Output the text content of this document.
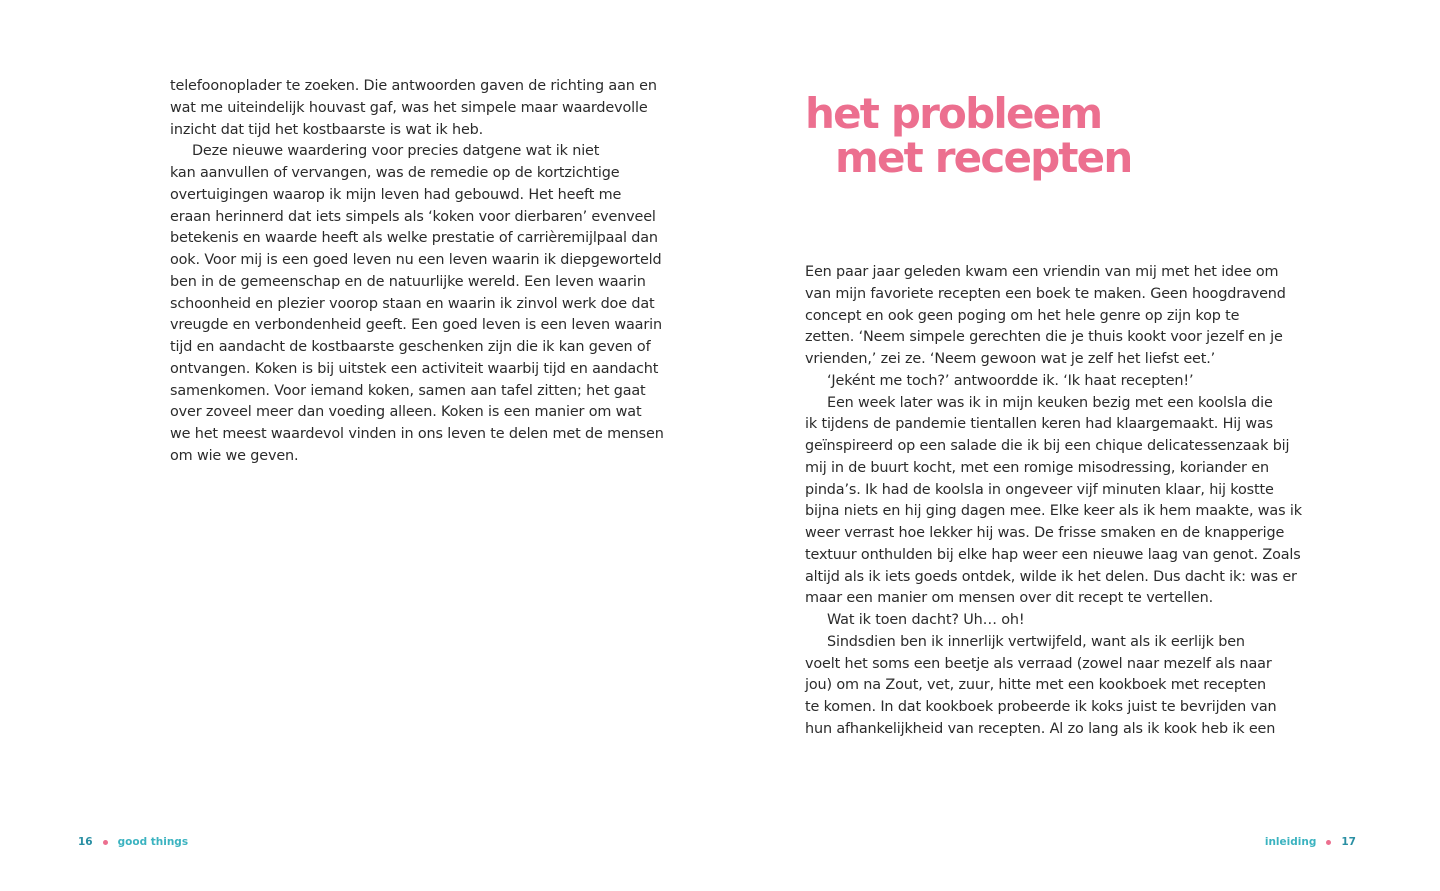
telefoonoplader te zoeken. Die antwoorden gaven de richting aan en
wat me uiteindelijk houvast gaf, was het simpele maar waardevolle
inzicht dat tijd het kostbaarste is wat ik heb.
Deze nieuwe waardering voor precies datgene wat ik niet
kan aanvullen of vervangen, was de remedie op de kortzichtige
overtuigingen waarop ik mijn leven had gebouwd. Het heeft me
eraan herinnerd dat iets simpels als ‘koken voor dierbaren’ evenveel
betekenis en waarde heeft als welke prestatie of carrièremijlpaal dan
ook. Voor mij is een goed leven nu een leven waarin ik diepgeworteld
ben in de gemeenschap en de natuurlijke wereld. Een leven waarin
schoonheid en plezier voorop staan en waarin ik zinvol werk doe dat
vreugde en verbondenheid geeft. Een goed leven is een leven waarin
tijd en aandacht de kostbaarste geschenken zijn die ik kan geven of
ontvangen. Koken is bij uitstek een activiteit waarbij tijd en aandacht
samenkomen. Voor iemand koken, samen aan tafel zitten; het gaat
over zoveel meer dan voeding alleen. Koken is een manier om wat
we het meest waardevol vinden in ons leven te delen met de mensen
om wie we geven.
16 good things
het probleem
met recepten
Een paar jaar geleden kwam een vriendin van mij met het idee om
van mijn favoriete recepten een boek te maken. Geen hoogdravend
concept en ook geen poging om het hele genre op zijn kop te
zetten. ‘Neem simpele gerechten die je thuis kookt voor jezelf en je
vrienden,’ zei ze. ‘Neem gewoon wat je zelf het liefst eet.’
‘Jeként me toch?’ antwoordde ik. ‘Ik haat recepten!’
Een week later was ik in mijn keuken bezig met een koolsla die
ik tijdens de pandemie tientallen keren had klaargemaakt. Hij was
geïnspireerd op een salade die ik bij een chique delicatessenzaak bij
mij in de buurt kocht, met een romige misodressing, koriander en
pinda’s. Ik had de koolsla in ongeveer vijf minuten klaar, hij kostte
bijna niets en hij ging dagen mee. Elke keer als ik hem maakte, was ik
weer verrast hoe lekker hij was. De frisse smaken en de knapperige
textuur onthulden bij elke hap weer een nieuwe laag van genot. Zoals
altijd als ik iets goeds ontdek, wilde ik het delen. Dus dacht ik: was er
maar een manier om mensen over dit recept te vertellen.
Wat ik toen dacht? Uh… oh!
Sindsdien ben ik innerlijk vertwijfeld, want als ik eerlijk ben
voelt het soms een beetje als verraad (zowel naar mezelf als naar
jou) om na Zout, vet, zuur, hitte met een kookboek met recepten
te komen. In dat kookboek probeerde ik koks juist te bevrijden van
hun afhankelijkheid van recepten. Al zo lang als ik kook heb ik een
inleiding 17
